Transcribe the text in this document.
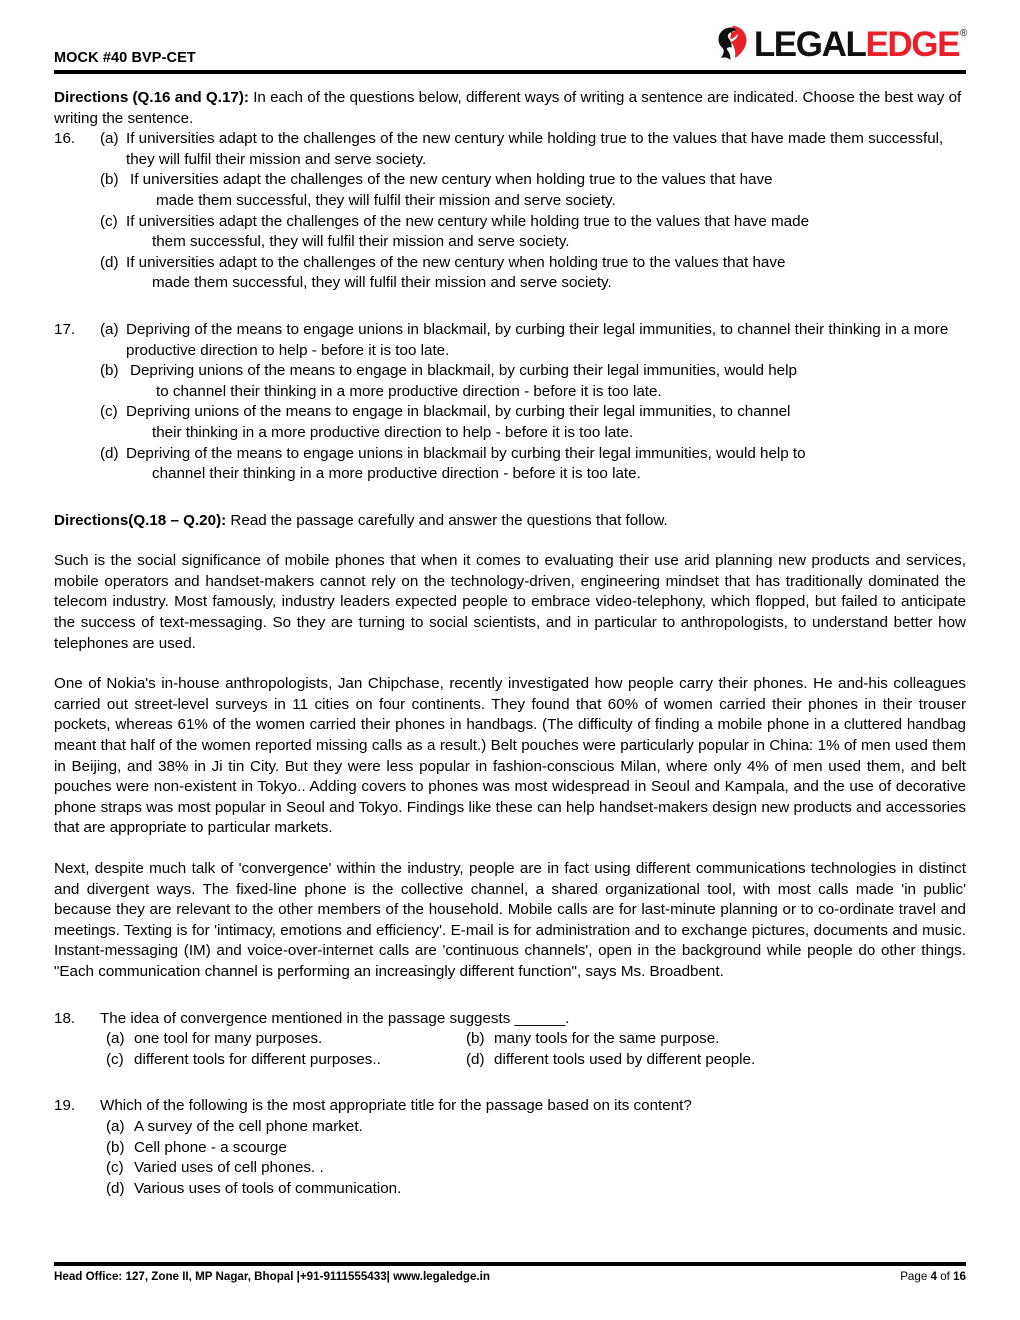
MOCK #40 BVP-CET	LEGAL EDGE ®

Directions (Q.16 and Q.17): In each of the questions below, different ways of writing a sentence are indicated. Choose the best way of writing the sentence.

16.	(a) If universities adapt to the challenges of the new century while holding true to the values that have made them successful, they will fulfil their mission and serve society.
(b) If universities adapt the challenges of the new century when holding true to the values that have
made them successful, they will fulfil their mission and serve society.
(c) If universities adapt the challenges of the new century while holding true to the values that have made
them successful, they will fulfil their mission and serve society.
(d) If universities adapt to the challenges of the new century when holding true to the values that have
made them successful, they will fulfil their mission and serve society.
17.	(a) Depriving of the means to engage unions in blackmail, by curbing their legal immunities, to channel their thinking in a more productive direction to help - before it is too late.
(b) Depriving unions of the means to engage in blackmail, by curbing their legal immunities, would help
to channel their thinking in a more productive direction - before it is too late.
(c) Depriving unions of the means to engage in blackmail, by curbing their legal immunities, to channel
their thinking in a more productive direction to help - before it is too late.
(d) Depriving of the means to engage unions in blackmail by curbing their legal immunities, would help to
channel their thinking in a more productive direction - before it is too late.

Directions(Q.18 – Q.20): Read the passage carefully and answer the questions that follow.

Such is the social significance of mobile phones that when it comes to evaluating their use arid planning new products and services, mobile operators and handset-makers cannot rely on the technology-driven, engineering mindset that has traditionally dominated the telecom industry. Most famously, industry leaders expected people to embrace video-telephony, which flopped, but failed to anticipate the success of text-messaging. So they are turning to social scientists, and in particular to anthropologists, to understand better how telephones are used.

One of Nokia's in-house anthropologists, Jan Chipchase, recently investigated how people carry their phones. He and-his colleagues carried out street-level surveys in 11 cities on four continents. They found that 60% of women carried their phones in their trouser pockets, whereas 61% of the women carried their phones in handbags. (The difficulty of finding a mobile phone in a cluttered handbag meant that half of the women reported missing calls as a result.) Belt pouches were particularly popular in China: 1% of men used them in Beijing, and 38% in Ji tin City. But they were less popular in fashion-conscious Milan, where only 4% of men used them, and belt pouches were non-existent in Tokyo.. Adding covers to phones was most widespread in Seoul and Kampala, and the use of decorative phone straps was most popular in Seoul and Tokyo. Findings like these can help handset-makers design new products and accessories that are appropriate to particular markets.

Next, despite much talk of 'convergence' within the industry, people are in fact using different communications technologies in distinct and divergent ways. The fixed-line phone is the collective channel, a shared organizational tool, with most calls made 'in public' because they are relevant to the other members of the household. Mobile calls are for last-minute planning or to co-ordinate travel and meetings. Texting is for 'intimacy, emotions and efficiency'. E-mail is for administration and to exchange pictures, documents and music. Instant-messaging (IM) and voice-over-internet calls are 'continuous channels', open in the background while people do other things. "Each communication channel is performing an increasingly different function", says Ms. Broadbent.

18.	The idea of convergence mentioned in the passage suggests ______.
(a) one tool for many purposes.	(b) many tools for the same purpose.
(c) different tools for different purposes..	(d) different tools used by different people.
19.	Which of the following is the most appropriate title for the passage based on its content?
(a) A survey of the cell phone market.
(b) Cell phone - a scourge
(c) Varied uses of cell phones. .
(d) Various uses of tools of communication.
Head Office: 127, Zone II, MP Nagar, Bhopal |+91-9111555433| www.legaledge.in	Page 4 of 16
